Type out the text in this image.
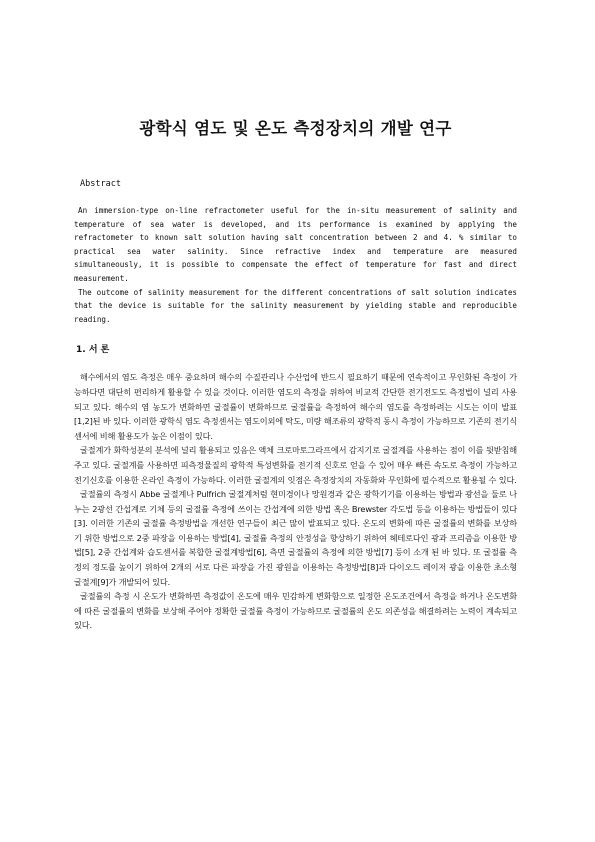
광학식 염도 및 온도 측정장치의 개발 연구
Abstract

An immersion-type on-line refractometer useful for the in-situ measurement of salinity and temperature of sea water is developed, and its performance is examined by applying the refractometer to known salt solution having salt concentration between 2 and 4. % similar to practical sea water salinity. Since refractive index and temperature are measured simultaneously, it is possible to compensate the effect of temperature for fast and direct measurement.

The outcome of salinity measurement for the different concentrations of salt solution indicates that the device is suitable for the salinity measurement by yielding stable and reproducible reading.

1. 서 론

해수에서의 염도 측정은 매우 중요하며 해수의 수질관리나 수산업에 반드시 필요하기 때문에 연속적이고 무인화된 측정이 가능하다면 대단히 편리하게 활용할 수 있을 것이다. 이러한 염도의 측정을 위하여 비교적 간단한 전기전도도 측정법이 널리 사용되고 있다. 해수의 염 농도가 변화하면 굴절률이 변화하므로 굴절률을 측정하여 해수의 염도를 측정하려는 시도는 이미 발표[1,2]된 바 있다. 이러한 광학식 염도 측정센서는 염도이외에 탁도, 미량 해조류의 광학적 동시 측정이 가능하므로 기존의 전기식 센서에 비해 활용도가 높은 이점이 있다.

굴절계가 화학성분의 분석에 널리 활용되고 있음은 액체 크로마토그라프에서 감지기로 굴절계를 사용하는 점이 이를 뒷받침해주고 있다. 굴절계를 사용하면 피측정물질의 광학적 특성변화를 전기적 신호로 얻을 수 있어 매우 빠른 속도로 측정이 가능하고 전기신호를 이용한 온라인 측정이 가능하다. 이러한 굴절계의 잇점은 측정장치의 자동화와 무인화에 필수적으로 활용될 수 있다.

굴절률의 측정시 Abbe 굴절계나 Pulfrich 굴절계처럼 현미경이나 망원경과 같은 광학기기를 이용하는 방법과 광선을 둘로 나누는 2광선 간섭계로 기체 등의 굴절률 측정에 쓰이는 간섭계에 의한 방법 혹은 Brewster 각도법 등을 이용하는 방법들이 있다[3]. 이러한 기존의 굴절률 측정방법을 개선한 연구들이 최근 많이 발표되고 있다. 온도의 변화에 따른 굴절률의 변화를 보상하기 위한 방법으로 2중 파장을 이용하는 방법[4], 굴절률 측정의 안정성을 향상하기 위하여 헤테로다인 광과 프리즘을 이용한 방법[5], 2중 간섭계와 습도센서를 복합한 굴절계방법[6], 측면 굴절률의 측정에 의한 방법[7] 등이 소개 된 바 있다. 또 굴절률 측정의 정도를 높이기 위하여 2개의 서로 다른 파장을 가진 광원을 이용하는 측정방법[8]과 다이오드 레이저 광을 이용한 초소형 굴절계[9]가 개발되어 있다.

굴절률의 측정 시 온도가 변화하면 측정값이 온도에 매우 민감하게 변화함으로 일정한 온도조건에서 측정을 하거나 온도변화에 따른 굴절률의 변화를 보상해 주어야 정확한 굴절률 측정이 가능하므로 굴절률의 온도 의존성을 해결하려는 노력이 계속되고 있다.
